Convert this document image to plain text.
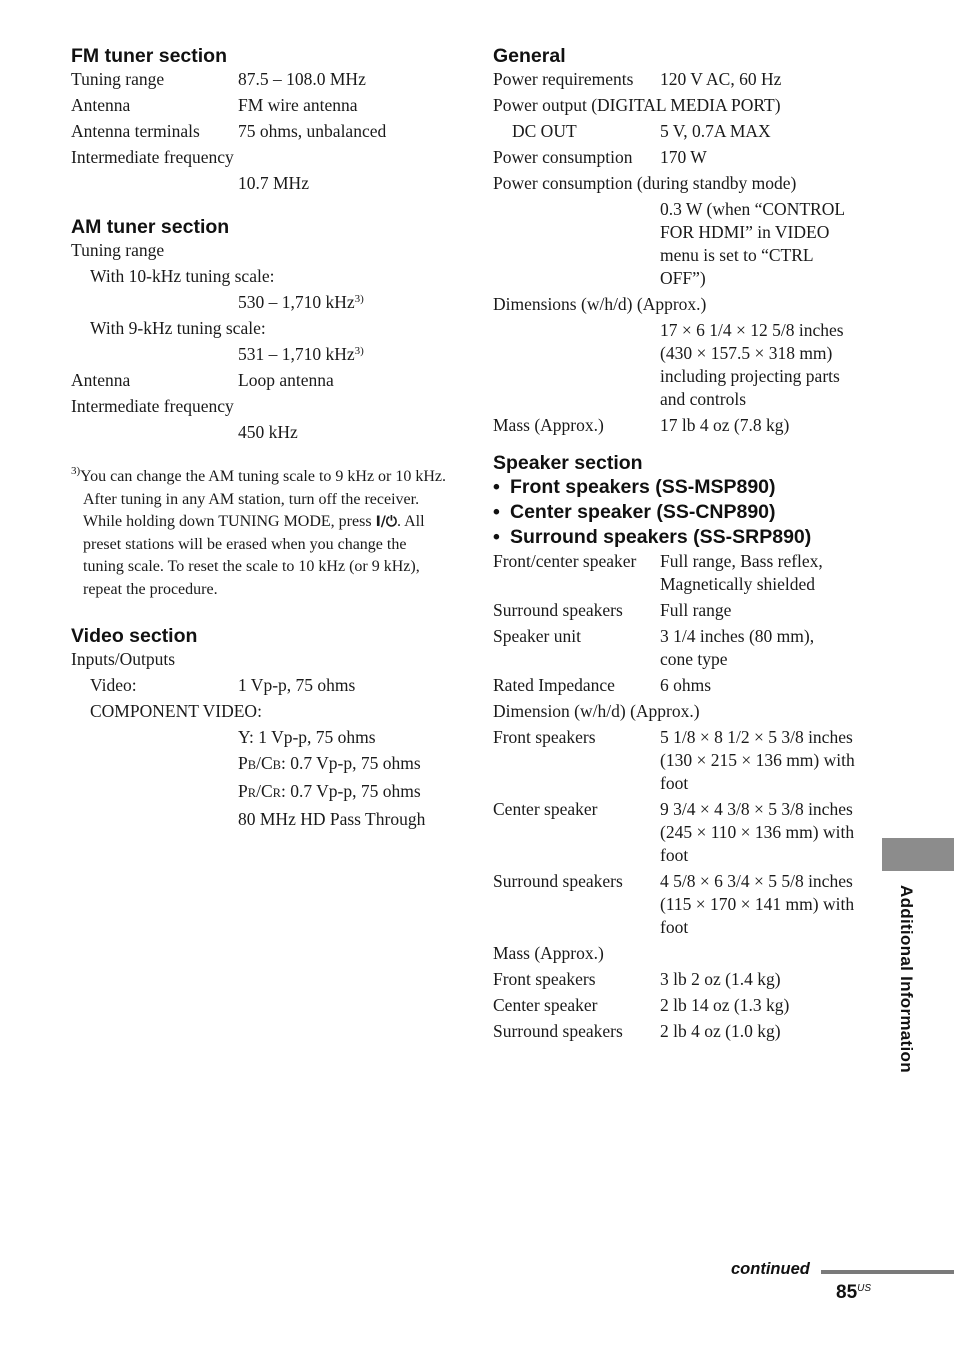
FM tuner section
Tuning range	87.5 – 108.0 MHz
Antenna	FM wire antenna
Antenna terminals	75 ohms, unbalanced
Intermediate frequency
10.7 MHz
AM tuner section
Tuning range
With 10-kHz tuning scale:
530 – 1,710 kHz$^{3)}$
With 9-kHz tuning scale:
531 – 1,710 kHz$^{3)}$
Antenna	Loop antenna
Intermediate frequency
450 kHz
$^{3)}$You can change the AM tuning scale to 9 kHz or 10 kHz. After tuning in any AM station, turn off the receiver. While holding down TUNING MODE, press I/⏻. All preset stations will be erased when you change the tuning scale. To reset the scale to 10 kHz (or 9 kHz), repeat the procedure.
Video section
Inputs/Outputs
Video:	1 Vp-p, 75 ohms
COMPONENT VIDEO:
Y: 1 Vp-p, 75 ohms
PB/CB: 0.7 Vp-p, 75 ohms
PR/CR: 0.7 Vp-p, 75 ohms
80 MHz HD Pass Through
General
Power requirements	120 V AC, 60 Hz
Power output (DIGITAL MEDIA PORT)
DC OUT	5 V, 0.7A MAX
Power consumption	170 W
Power consumption (during standby mode)
0.3 W (when “CONTROL
FOR HDMI” in VIDEO
menu is set to “CTRL
OFF”)
Dimensions (w/h/d) (Approx.)
17 × 6 1/4 × 12 5/8 inches
(430 × 157.5 × 318 mm)
including projecting parts
and controls
Mass (Approx.)	17 lb 4 oz (7.8 kg)
Speaker section
• Front speakers (SS-MSP890)
• Center speaker (SS-CNP890)
• Surround speakers (SS-SRP890)
Front/center speaker	Full range, Bass reflex,
Magnetically shielded
Surround speakers	Full range
Speaker unit	3 1/4 inches (80 mm),
cone type
Rated Impedance	6 ohms
Dimension (w/h/d) (Approx.)
Front speakers	5 1/8 × 8 1/2 × 5 3/8 inches
(130 × 215 × 136 mm) with
foot
Center speaker	9 3/4 × 4 3/8 × 5 3/8 inches
(245 × 110 × 136 mm) with
foot
Surround speakers	4 5/8 × 6 3/4 × 5 5/8 inches
(115 × 170 × 141 mm) with
foot
Mass (Approx.)
Front speakers	3 lb 2 oz (1.4 kg)
Center speaker	2 lb 14 oz (1.3 kg)
Surround speakers	2 lb 4 oz (1.0 kg)	Additional Information
continued
$85^{US}$
